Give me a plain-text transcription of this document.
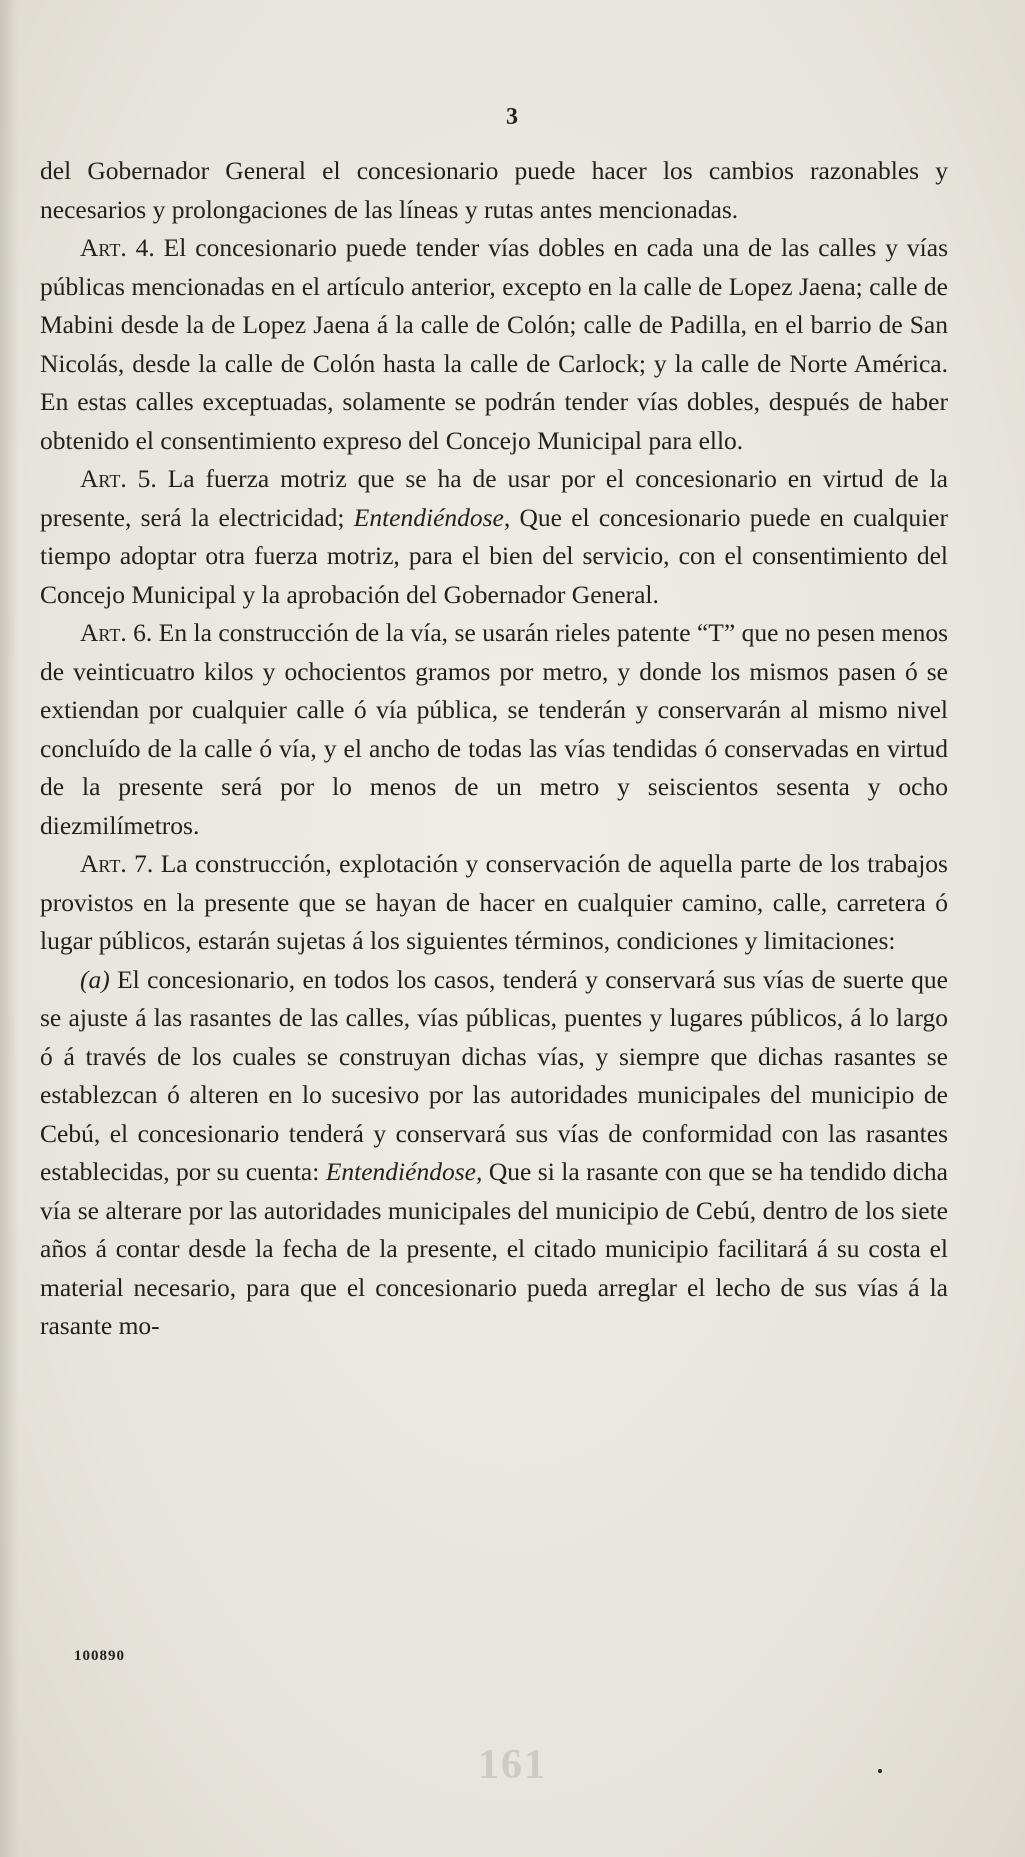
3

del Gobernador General el concesionario puede hacer los cambios razonables y necesarios y prolongaciones de las líneas y rutas antes mencionadas.

Art. 4. El concesionario puede tender vías dobles en cada una de las calles y vías públicas mencionadas en el artículo anterior, excepto en la calle de Lopez Jaena; calle de Mabini desde la de Lopez Jaena á la calle de Colón; calle de Padilla, en el barrio de San Nicolás, desde la calle de Colón hasta la calle de Carlock; y la calle de Norte América. En estas calles exceptuadas, solamente se podrán tender vías dobles, después de haber obtenido el consentimiento expreso del Concejo Municipal para ello.

Art. 5. La fuerza motriz que se ha de usar por el concesionario en virtud de la presente, será la electricidad; Entendiéndose, Que el concesionario puede en cualquier tiempo adoptar otra fuerza motriz, para el bien del servicio, con el consentimiento del Concejo Municipal y la aprobación del Gobernador General.

Art. 6. En la construcción de la vía, se usarán rieles patente “T” que no pesen menos de veinticuatro kilos y ochocientos gramos por metro, y donde los mismos pasen ó se extiendan por cualquier calle ó vía pública, se tenderán y conservarán al mismo nivel concluído de la calle ó vía, y el ancho de todas las vías tendidas ó conservadas en virtud de la presente será por lo menos de un metro y seiscientos sesenta y ocho diezmilímetros.

Art. 7. La construcción, explotación y conservación de aquella parte de los trabajos provistos en la presente que se hayan de hacer en cualquier camino, calle, carretera ó lugar públicos, estarán sujetas á los siguientes términos, condiciones y limitaciones:

(a) El concesionario, en todos los casos, tenderá y conservará sus vías de suerte que se ajuste á las rasantes de las calles, vías públicas, puentes y lugares públicos, á lo largo ó á través de los cuales se construyan dichas vías, y siempre que dichas rasantes se establezcan ó alteren en lo sucesivo por las autoridades municipales del municipio de Cebú, el concesionario tenderá y conservará sus vías de conformidad con las rasantes establecidas, por su cuenta: Entendiéndose, Que si la rasante con que se ha tendido dicha vía se alterare por las autoridades municipales del municipio de Cebú, dentro de los siete años á contar desde la fecha de la presente, el citado municipio facilitará á su costa el material necesario, para que el concesionario pueda arreglar el lecho de sus vías á la rasante mo-

100890
161
